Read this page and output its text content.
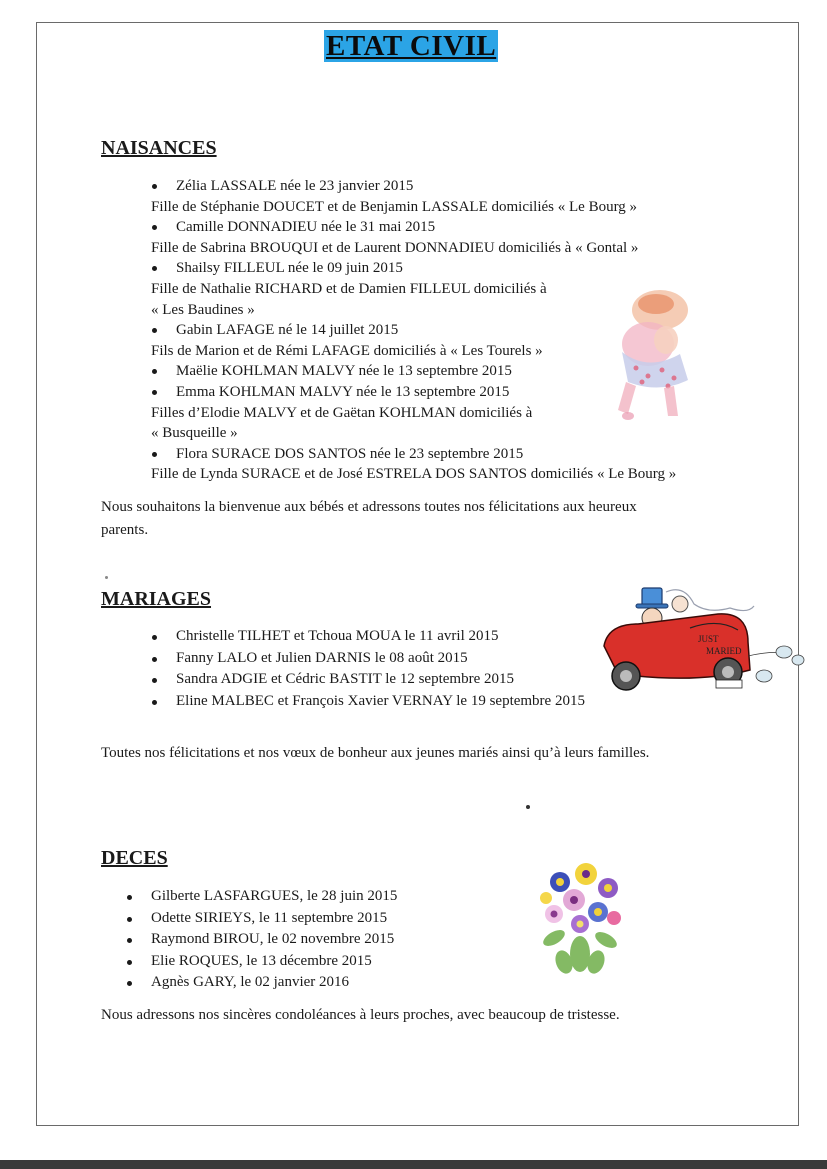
ETAT CIVIL
NAISANCES
Zélia LASSALE née le 23 janvier 2015
Fille de Stéphanie DOUCET et de Benjamin LASSALE domiciliés « Le Bourg »
Camille DONNADIEU née le 31 mai 2015
Fille de Sabrina BROUQUI et de Laurent DONNADIEU domiciliés à « Gontal »
Shailsy FILLEUL née le 09 juin 2015
Fille de Nathalie RICHARD et de Damien FILLEUL domiciliés à
« Les Baudines »
Gabin LAFAGE né le 14 juillet 2015
Fils de Marion et de Rémi LAFAGE domiciliés à « Les Tourels »
Maëlie KOHLMAN MALVY née le 13 septembre 2015
Emma KOHLMAN MALVY née le 13 septembre 2015
Filles d’Elodie MALVY et de Gaëtan KOHLMAN domiciliés à
« Busqueille »
Flora SURACE DOS SANTOS née le 23 septembre 2015
Fille de Lynda SURACE et de José ESTRELA DOS SANTOS domiciliés « Le Bourg »
Nous souhaitons la bienvenue aux bébés et adressons toutes nos félicitations aux heureux
parents.
MARIAGES
Christelle TILHET et Tchoua MOUA le 11 avril 2015
Fanny LALO et Julien DARNIS le 08 août 2015
Sandra ADGIE et Cédric BASTIT le 12 septembre 2015
Eline MALBEC et François Xavier VERNAY le 19 septembre 2015
Toutes nos félicitations et nos vœux de bonheur aux jeunes mariés ainsi qu’à leurs familles.
JUST
MARIED
DECES
Gilberte LASFARGUES, le 28 juin 2015
Odette SIRIEYS, le 11 septembre 2015
Raymond BIROU, le 02 novembre 2015
Elie ROQUES, le 13 décembre 2015
Agnès GARY, le 02 janvier 2016
Nous adressons nos sincères condoléances à leurs proches, avec beaucoup de tristesse.
